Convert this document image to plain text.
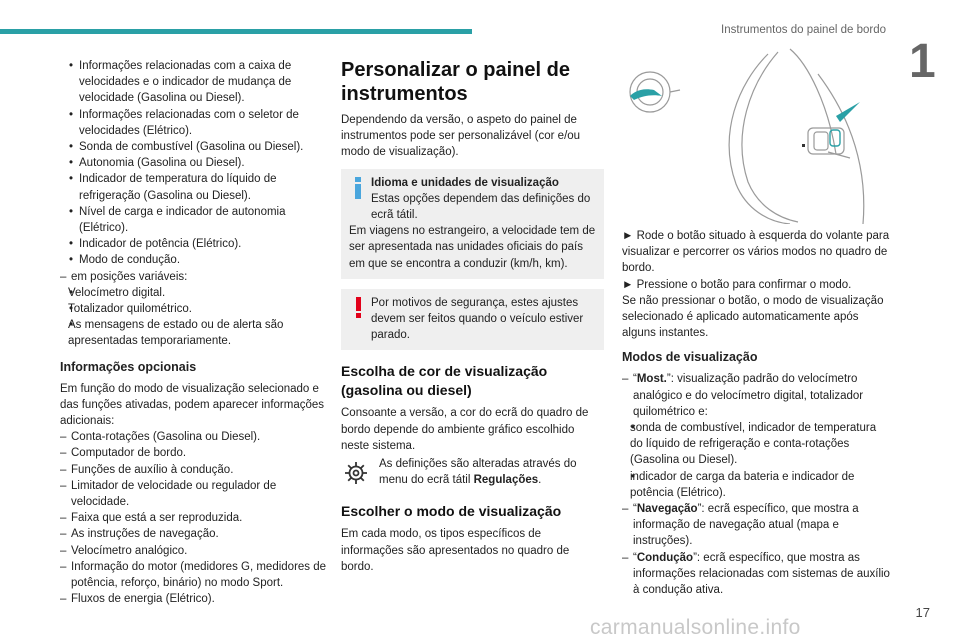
Instrumentos do painel de bordo
1
• Informações relacionadas com a caixa de velocidades e o indicador de mudança de velocidade (Gasolina ou Diesel).
• Informações relacionadas com o seletor de velocidades (Elétrico).
• Sonda de combustível (Gasolina ou Diesel).
• Autonomia (Gasolina ou Diesel).
• Indicador de temperatura do líquido de refrigeração (Gasolina ou Diesel).
• Nível de carga e indicador de autonomia (Elétrico).
• Indicador de potência (Elétrico).
• Modo de condução.
– em posições variáveis:
• Velocímetro digital.
• Totalizador quilométrico.
• As mensagens de estado ou de alerta são apresentadas temporariamente.
Informações opcionais

Em função do modo de visualização selecionado e das funções ativadas, podem aparecer informações adicionais:

– Conta-rotações (Gasolina ou Diesel).
– Computador de bordo.
– Funções de auxílio à condução.
– Limitador de velocidade ou regulador de velocidade.
– Faixa que está a ser reproduzida.
– As instruções de navegação.
– Velocímetro analógico.
– Informação do motor (medidores G, medidores de potência, reforço, binário) no modo Sport.
– Fluxos de energia (Elétrico).
Personalizar o painel de instrumentos

Dependendo da versão, o aspeto do painel de instrumentos pode ser personalizável (cor e/ou modo de visualização).

Idioma e unidades de visualização
Estas opções dependem das definições do ecrã tátil.
Em viagens no estrangeiro, a velocidade tem de ser apresentada nas unidades oficiais do país em que se encontra a conduzir (km/h, km).
Por motivos de segurança, estes ajustes devem ser feitos quando o veículo estiver parado.
Escolha de cor de visualização (gasolina ou diesel)

Consoante a versão, a cor do ecrã do quadro de bordo depende do ambiente gráfico escolhido neste sistema.

As definições são alteradas através do menu do ecrã tátil Regulações.
Escolher o modo de visualização

Em cada modo, os tipos específicos de informações são apresentados no quadro de bordo.

► Rode o botão situado à esquerda do volante para visualizar e percorrer os vários modos no quadro de bordo.

► Pressione o botão para confirmar o modo.

Se não pressionar o botão, o modo de visualização selecionado é aplicado automaticamente após alguns instantes.

Modos de visualização
– “Most.”: visualização padrão do velocímetro analógico e do velocímetro digital, totalizador quilométrico e:
• sonda de combustível, indicador de temperatura do líquido de refrigeração e conta-rotações (Gasolina ou Diesel).
• indicador de carga da bateria e indicador de potência (Elétrico).
– “Navegação”: ecrã específico, que mostra a informação de navegação atual (mapa e instruções).
– “Condução”: ecrã específico, que mostra as informações relacionadas com sistemas de auxílio à condução ativa.
17
carmanualsonline.info
